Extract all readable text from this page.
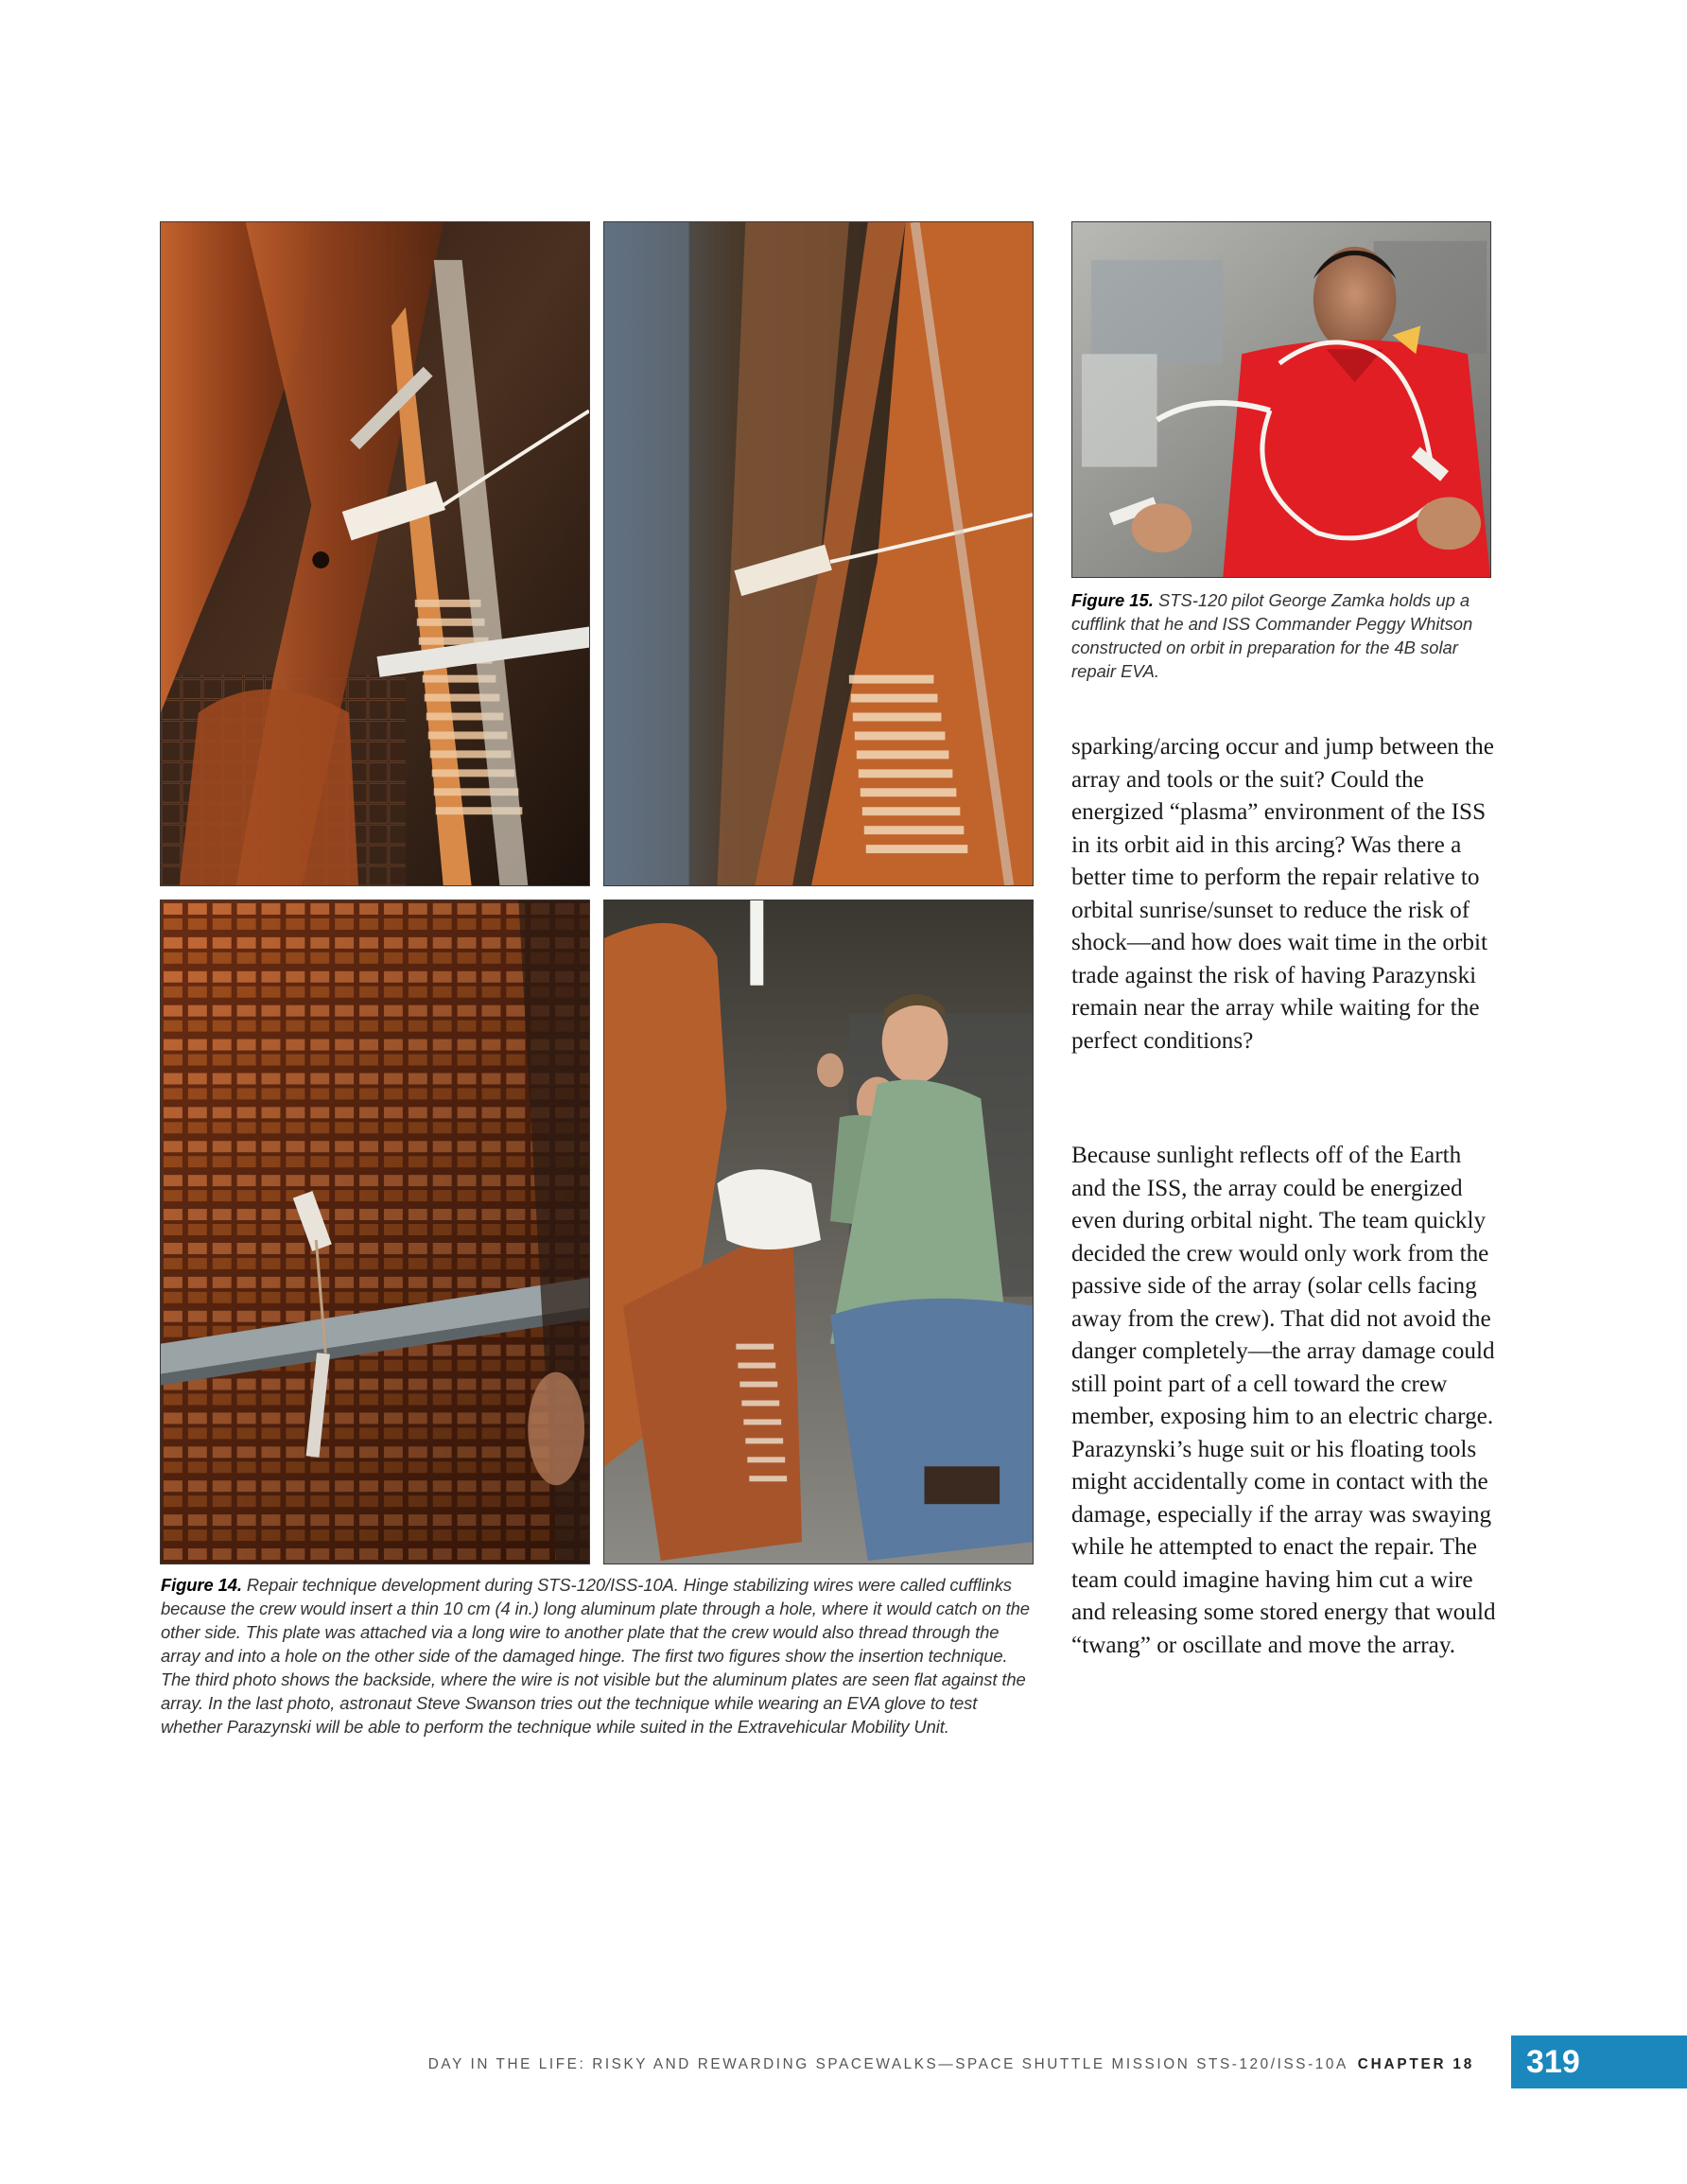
Figure 14. Repair technique development during STS-120/ISS-10A. Hinge stabilizing wires were called cufflinks because the crew would insert a thin 10 cm (4 in.) long aluminum plate through a hole, where it would catch on the other side. This plate was attached via a long wire to another plate that the crew would also thread through the array and into a hole on the other side of the damaged hinge. The first two figures show the insertion technique. The third photo shows the backside, where the wire is not visible but the aluminum plates are seen flat against the array. In the last photo, astronaut Steve Swanson tries out the technique while wearing an EVA glove to test whether Parazynski will be able to perform the technique while suited in the Extravehicular Mobility Unit.

Figure 15. STS-120 pilot George Zamka holds up a cufflink that he and ISS Commander Peggy Whitson constructed on orbit in preparation for the 4B solar repair EVA.

sparking/arcing occur and jump between the array and tools or the suit? Could the energized “plasma” environment of the ISS in its orbit aid in this arcing? Was there a better time to perform the repair relative to orbital sunrise/sunset to reduce the risk of shock—and how does wait time in the orbit trade against the risk of having Parazynski remain near the array while waiting for the perfect conditions?

Because sunlight reflects off of the Earth and the ISS, the array could be energized even during orbital night. The team quickly decided the crew would only work from the passive side of the array (solar cells facing away from the crew). That did not avoid the danger completely—the array damage could still point part of a cell toward the crew member, exposing him to an electric charge. Parazynski’s huge suit or his floating tools might accidentally come in contact with the damage, especially if the array was swaying while he attempted to enact the repair. The team could imagine having him cut a wire and releasing some stored energy that would “twang” or oscillate and move the array.

DAY IN THE LIFE: RISKY AND REWARDING SPACEWALKS—SPACE SHUTTLE MISSION STS-120/ISS-10A CHAPTER 18 319
